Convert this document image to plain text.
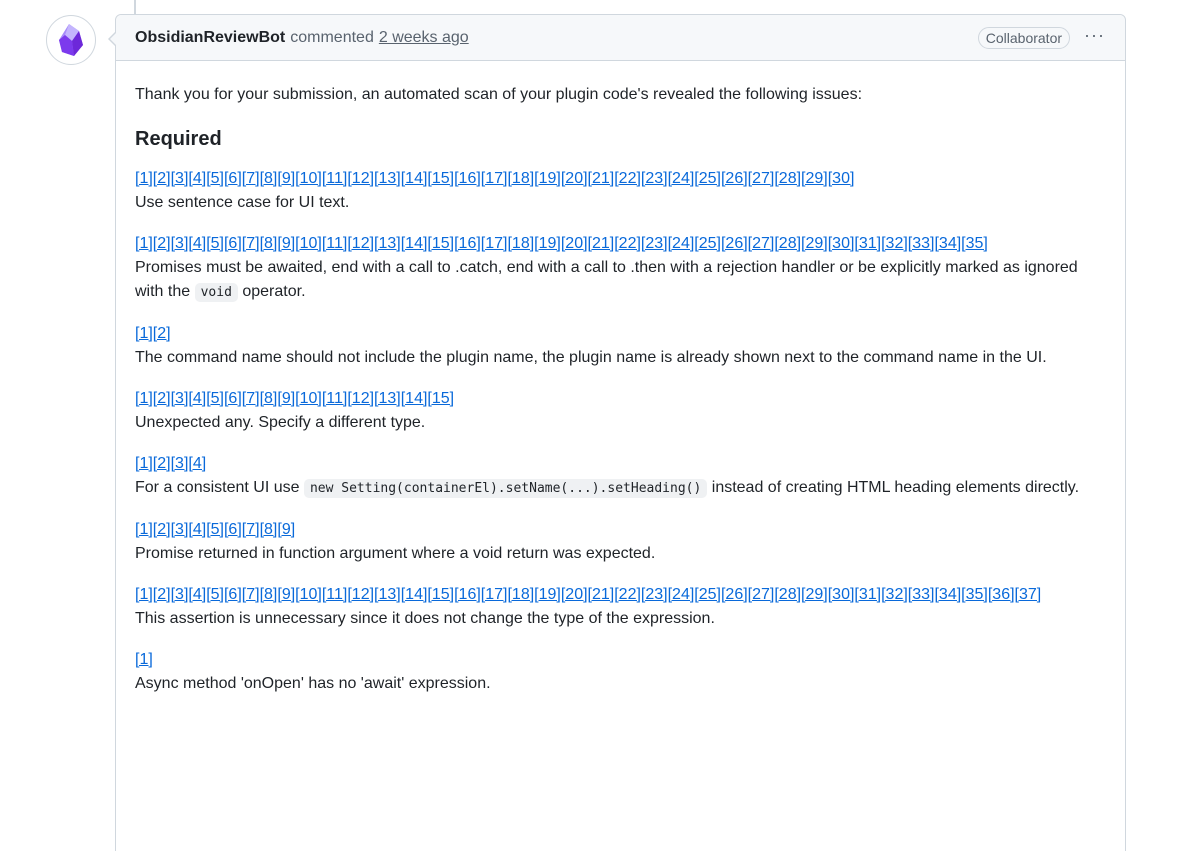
ObsidianReviewBot commented 2 weeks ago	Collaborator	···

Thank you for your submission, an automated scan of your plugin code's revealed the following issues:

Required
[1][2][3][4][5][6][7][8][9][10][11][12][13][14][15][16][17][18][19][20][21][22][23][24][25][26][27][28][29][30]
Use sentence case for UI text.
[1][2][3][4][5][6][7][8][9][10][11][12][13][14][15][16][17][18][19][20][21][22][23][24][25][26][27][28][29][30][31][32][33][34][35]
Promises must be awaited, end with a call to .catch, end with a call to .then with a rejection handler or be explicitly marked as ignored with the void operator.
[1][2]
The command name should not include the plugin name, the plugin name is already shown next to the command name in the UI.
[1][2][3][4][5][6][7][8][9][10][11][12][13][14][15]
Unexpected any. Specify a different type.
[1][2][3][4]
For a consistent UI use new Setting(containerEl).setName(...).setHeading() instead of creating HTML heading elements directly.
[1][2][3][4][5][6][7][8][9]
Promise returned in function argument where a void return was expected.
[1][2][3][4][5][6][7][8][9][10][11][12][13][14][15][16][17][18][19][20][21][22][23][24][25][26][27][28][29][30][31][32][33][34][35][36][37]
This assertion is unnecessary since it does not change the type of the expression.
[1]
Async method 'onOpen' has no 'await' expression.
